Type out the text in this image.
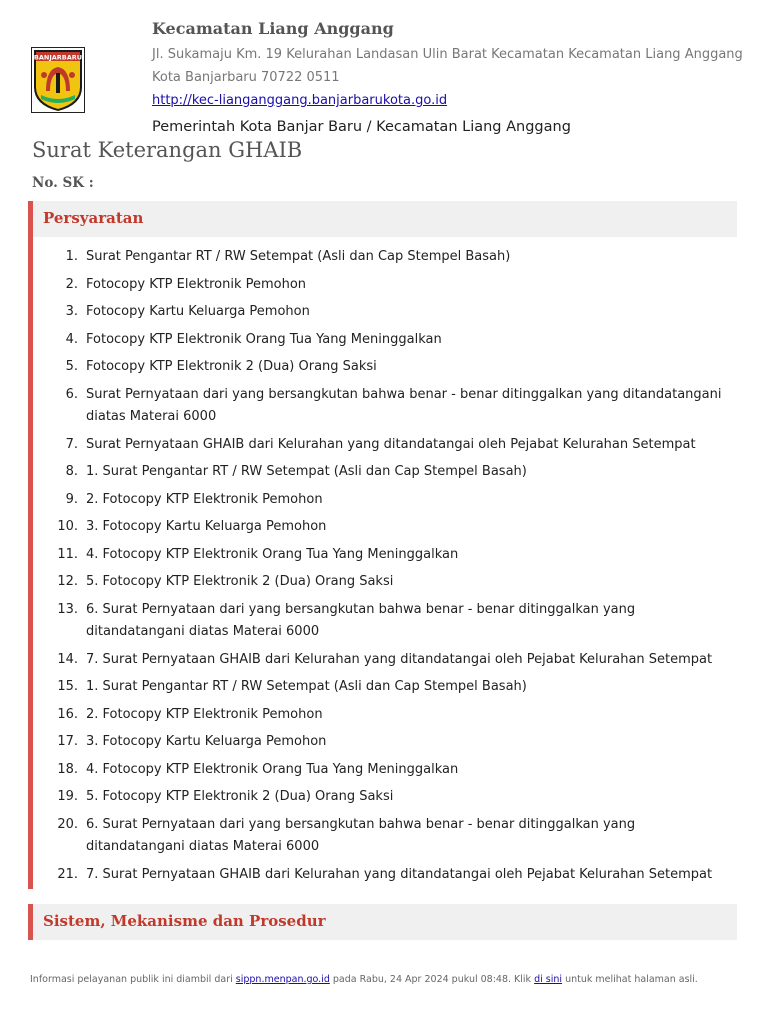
BANJARBARU
Kecamatan Liang Anggang
Jl. Sukamaju Km. 19 Kelurahan Landasan Ulin Barat Kecamatan Kecamatan Liang Anggang
Kota Banjarbaru 70722 0511
http://kec-lianganggang.banjarbarukota.go.id
Pemerintah Kota Banjar Baru / Kecamatan Liang Anggang
Surat Keterangan GHAIB
No. SK :
Persyaratan
1. Surat Pengantar RT / RW Setempat (Asli dan Cap Stempel Basah)
2. Fotocopy KTP Elektronik Pemohon
3. Fotocopy Kartu Keluarga Pemohon
4. Fotocopy KTP Elektronik Orang Tua Yang Meninggalkan
5. Fotocopy KTP Elektronik 2 (Dua) Orang Saksi
6. Surat Pernyataan dari yang bersangkutan bahwa benar - benar ditinggalkan yang ditandatangani diatas Materai 6000
7. Surat Pernyataan GHAIB dari Kelurahan yang ditandatangai oleh Pejabat Kelurahan Setempat
8. 1. Surat Pengantar RT / RW Setempat (Asli dan Cap Stempel Basah)
9. 2. Fotocopy KTP Elektronik Pemohon
10. 3. Fotocopy Kartu Keluarga Pemohon
11. 4. Fotocopy KTP Elektronik Orang Tua Yang Meninggalkan
12. 5. Fotocopy KTP Elektronik 2 (Dua) Orang Saksi
13. 6. Surat Pernyataan dari yang bersangkutan bahwa benar - benar ditinggalkan yang ditandatangani diatas Materai 6000
14. 7. Surat Pernyataan GHAIB dari Kelurahan yang ditandatangai oleh Pejabat Kelurahan Setempat
15. 1. Surat Pengantar RT / RW Setempat (Asli dan Cap Stempel Basah)
16. 2. Fotocopy KTP Elektronik Pemohon
17. 3. Fotocopy Kartu Keluarga Pemohon
18. 4. Fotocopy KTP Elektronik Orang Tua Yang Meninggalkan
19. 5. Fotocopy KTP Elektronik 2 (Dua) Orang Saksi
20. 6. Surat Pernyataan dari yang bersangkutan bahwa benar - benar ditinggalkan yang ditandatangani diatas Materai 6000
21. 7. Surat Pernyataan GHAIB dari Kelurahan yang ditandatangai oleh Pejabat Kelurahan Setempat
Sistem, Mekanisme dan Prosedur
Informasi pelayanan publik ini diambil dari sippn.menpan.go.id pada Rabu, 24 Apr 2024 pukul 08:48. Klik di sini untuk melihat halaman asli.
